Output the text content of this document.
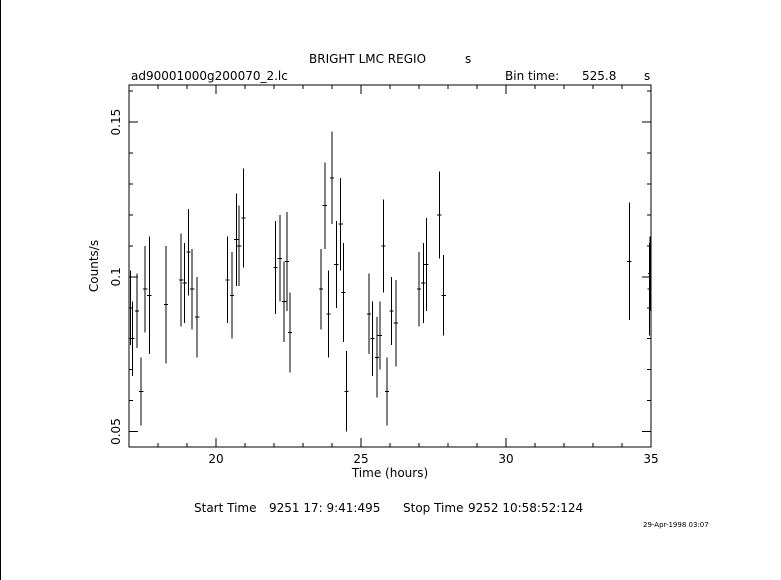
BRIGHT LMC REGIO	s
ad90001000g200070_2.lc	Bin time: 525.8 s
20	25	30	35
0.05
0.1
0.15
Time (hours)
Counts/s
Start Time 9251 17: 9:41:495 Stop Time 9252 10:58:52:124
29-Apr-1998 03:07
